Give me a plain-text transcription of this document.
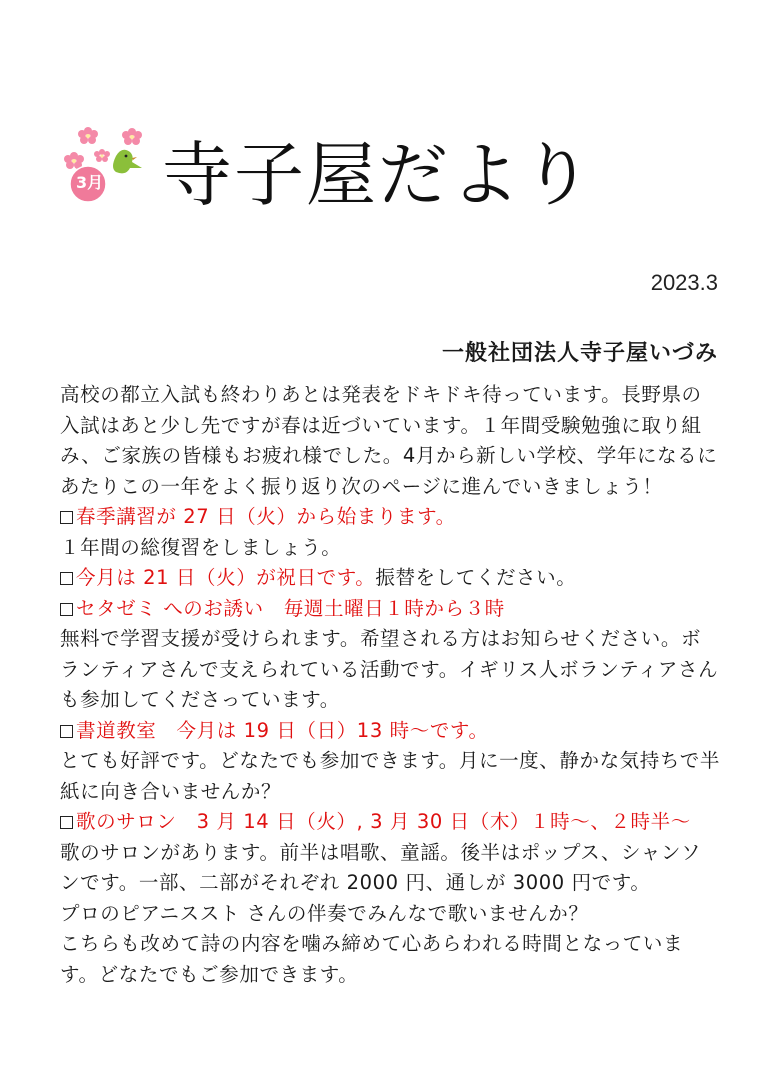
3月 寺子屋だより
2023.3
一般社団法人寺子屋いづみ

高校の都立入試も終わりあとは発表をドキドキ待っています。長野県の入試はあと少し先ですが春は近づいています。１年間受験勉強に取り組み、ご家族の皆様もお疲れ様でした。4月から新しい学校、学年になるにあたりこの一年をよく振り返り次のページに進んでいきましょう！

春季講習が 27 日（火）から始まります。

１年間の総復習をしましょう。

今月は 21 日（火）が祝日です。振替をしてください。

セタゼミ へのお誘い　毎週土曜日１時から３時

無料で学習支援が受けられます。希望される方はお知らせください。ボランティアさんで支えられている活動です。イギリス人ボランティアさんも参加してくださっています。

書道教室　今月は 19 日（日）13 時～です。

とても好評です。どなたでも参加できます。月に一度、静かな気持ちで半紙に向き合いませんか？

歌のサロン　3 月 14 日（火）, 3 月 30 日（木）１時～、２時半～

歌のサロンがあります。前半は唱歌、童謡。後半はポップス、シャンソンです。一部、二部がそれぞれ 2000 円、通しが 3000 円です。

プロのピアニススト さんの伴奏でみんなで歌いませんか？

こちらも改めて詩の内容を噛み締めて心あらわれる時間となっています。どなたでもご参加できます。
